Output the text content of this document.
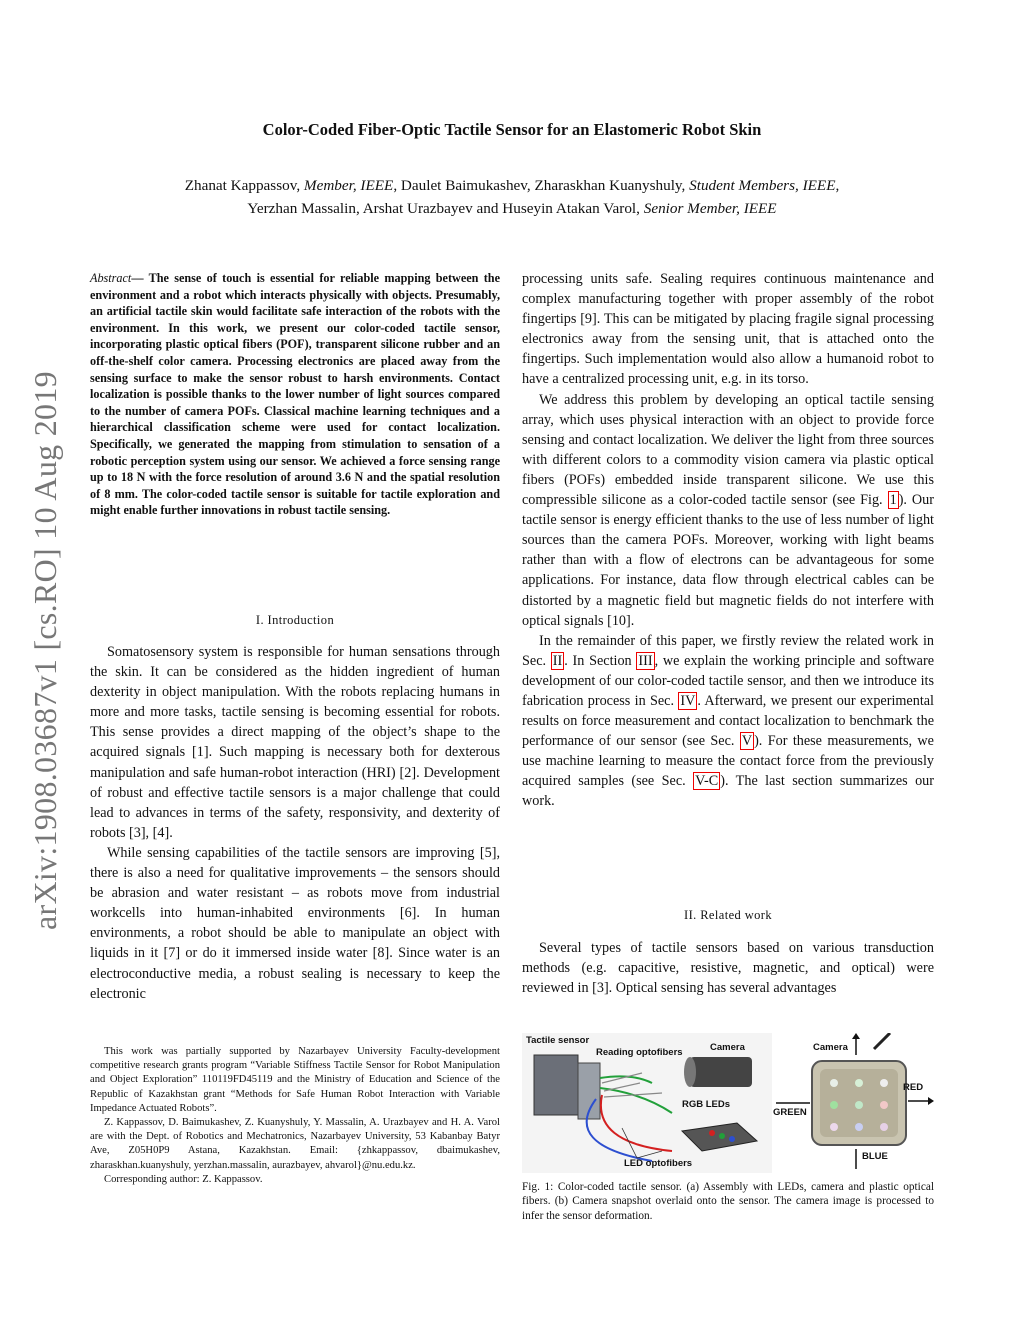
arXiv:1908.03687v1 [cs.RO] 10 Aug 2019
Color-Coded Fiber-Optic Tactile Sensor for an Elastomeric Robot Skin
Zhanat Kappassov, Member, IEEE, Daulet Baimukashev, Zharaskhan Kuanyshuly, Student Members, IEEE,
Yerzhan Massalin, Arshat Urazbayev and Huseyin Atakan Varol, Senior Member, IEEE
Abstract— The sense of touch is essential for reliable mapping between the environment and a robot which interacts physically with objects. Presumably, an artificial tactile skin would facilitate safe interaction of the robots with the environment. In this work, we present our color-coded tactile sensor, incorporating plastic optical fibers (POF), transparent silicone rubber and an off-the-shelf color camera. Processing electronics are placed away from the sensing surface to make the sensor robust to harsh environments. Contact localization is possible thanks to the lower number of light sources compared to the number of camera POFs. Classical machine learning techniques and a hierarchical classification scheme were used for contact localization. Specifically, we generated the mapping from stimulation to sensation of a robotic perception system using our sensor. We achieved a force sensing range up to 18 N with the force resolution of around 3.6 N and the spatial resolution of 8 mm. The color-coded tactile sensor is suitable for tactile exploration and might enable further innovations in robust tactile sensing.
I. Introduction

Somatosensory system is responsible for human sensations through the skin. It can be considered as the hidden ingredient of human dexterity in object manipulation. With the robots replacing humans in more and more tasks, tactile sensing is becoming essential for robots. This sense provides a direct mapping of the object’s shape to the acquired signals [1]. Such mapping is necessary both for dexterous manipulation and safe human-robot interaction (HRI) [2]. Development of robust and effective tactile sensors is a major challenge that could lead to advances in terms of the safety, responsivity, and dexterity of robots [3], [4].

While sensing capabilities of the tactile sensors are improving [5], there is also a need for qualitative improvements – the sensors should be abrasion and water resistant – as robots move from industrial workcells into human-inhabited environments [6]. In human environments, a robot should be able to manipulate an object with liquids in it [7] or do it immersed inside water [8]. Since water is an electroconductive media, a robust sealing is necessary to keep the electronic

processing units safe. Sealing requires continuous maintenance and complex manufacturing together with proper assembly of the robot fingertips [9]. This can be mitigated by placing fragile signal processing electronics away from the sensing unit, that is attached onto the fingertips. Such implementation would also allow a humanoid robot to have a centralized processing unit, e.g. in its torso.

We address this problem by developing an optical tactile sensing array, which uses physical interaction with an object to provide force sensing and contact localization. We deliver the light from three sources with different colors to a commodity vision camera via plastic optical fibers (POFs) embedded inside transparent silicone. We use this compressible silicone as a color-coded tactile sensor (see Fig. 1 ). Our tactile sensor is energy efficient thanks to the use of less number of light sources than the camera POFs. Moreover, working with light beams rather than with a flow of electrons can be advantageous for some applications. For instance, data flow through electrical cables can be distorted by a magnetic field but magnetic fields do not interfere with optical signals [10].

In the remainder of this paper, we firstly review the related work in Sec. II . In Section III , we explain the working principle and software development of our color-coded tactile sensor, and then we introduce its fabrication process in Sec. IV . Afterward, we present our experimental results on force measurement and contact localization to benchmark the performance of our sensor (see Sec. V ). For these measurements, we use machine learning to measure the contact force from the previously acquired samples (see Sec. V-C ). The last section summarizes our work.

II. Related work

Several types of tactile sensors based on various transduction methods (e.g. capacitive, resistive, magnetic, and optical) were reviewed in [3]. Optical sensing has several advantages

This work was partially supported by Nazarbayev University Faculty-development competitive research grants program “Variable Stiffness Tactile Sensor for Robot Manipulation and Object Exploration” 110119FD45119 and the Ministry of Education and Science of the Republic of Kazakhstan grant “Methods for Safe Human Robot Interaction with Variable Impedance Actuated Robots”.

Z. Kappassov, D. Baimukashev, Z. Kuanyshuly, Y. Massalin, A. Urazbayev and H. A. Varol are with the Dept. of Robotics and Mechatronics, Nazarbayev University, 53 Kabanbay Batyr Ave, Z05H0P9 Astana, Kazakhstan. Email: {zhkappassov, dbaimukashev, zharaskhan.kuanyshuly, yerzhan.massalin, aurazbayev, ahvarol}@nu.edu.kz.

Corresponding author: Z. Kappassov.

Tactile sensor
Reading optofibers	Camera
RGB LEDs
LED optofibers
Camera
RED
GREEN
BLUE
Fig. 1: Color-coded tactile sensor. (a) Assembly with LEDs, camera and plastic optical fibers. (b) Camera snapshot overlaid onto the sensor. The camera image is processed to infer the sensor deformation.
